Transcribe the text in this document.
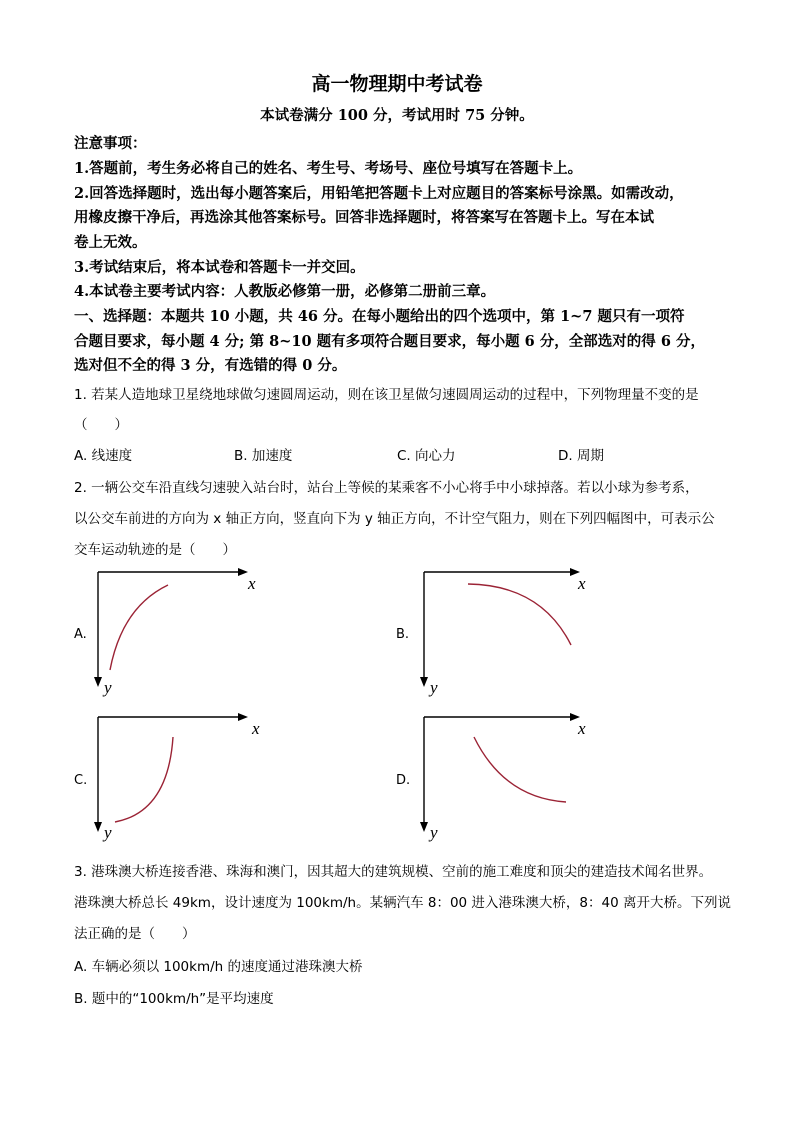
高一物理期中考试卷
本试卷满分 100 分，考试用时 75 分钟。
注意事项：
1.答题前，考生务必将自己的姓名、考生号、考场号、座位号填写在答题卡上。
2.回答选择题时，选出每小题答案后，用铅笔把答题卡上对应题目的答案标号涂黑。如需改动，
用橡皮擦干净后，再选涂其他答案标号。回答非选择题时，将答案写在答题卡上。写在本试
卷上无效。
3.考试结束后，将本试卷和答题卡一并交回。
4.本试卷主要考试内容：人教版必修第一册，必修第二册前三章。
一、选择题：本题共 10 小题，共 46 分。在每小题给出的四个选项中，第 1~7 题只有一项符
合题目要求，每小题 4 分; 第 8~10 题有多项符合题目要求，每小题 6 分，全部选对的得 6 分，
选对但不全的得 3 分，有选错的得 0 分。
1. 若某人造地球卫星绕地球做匀速圆周运动，则在该卫星做匀速圆周运动的过程中，下列物理量不变的是
（　　）
A. 线速度	B. 加速度	C. 向心力	D. 周期
2. 一辆公交车沿直线匀速驶入站台时，站台上等候的某乘客不小心将手中小球掉落。若以小球为参考系，
以公交车前进的方向为 x 轴正方向，竖直向下为 y 轴正方向，不计空气阻力，则在下列四幅图中，可表示公
交车运动轨迹的是（　　）
A.
x
y
B.
x
y
C.
x
y
D.
x
y
3. 港珠澳大桥连接香港、珠海和澳门，因其超大的建筑规模、空前的施工难度和顶尖的建造技术闻名世界。
港珠澳大桥总长 49km，设计速度为 100km/h。某辆汽车 8：00 进入港珠澳大桥，8：40 离开大桥。下列说
法正确的是（　　）
A. 车辆必须以 100km/h 的速度通过港珠澳大桥
B. 题中的“100km/h”是平均速度
